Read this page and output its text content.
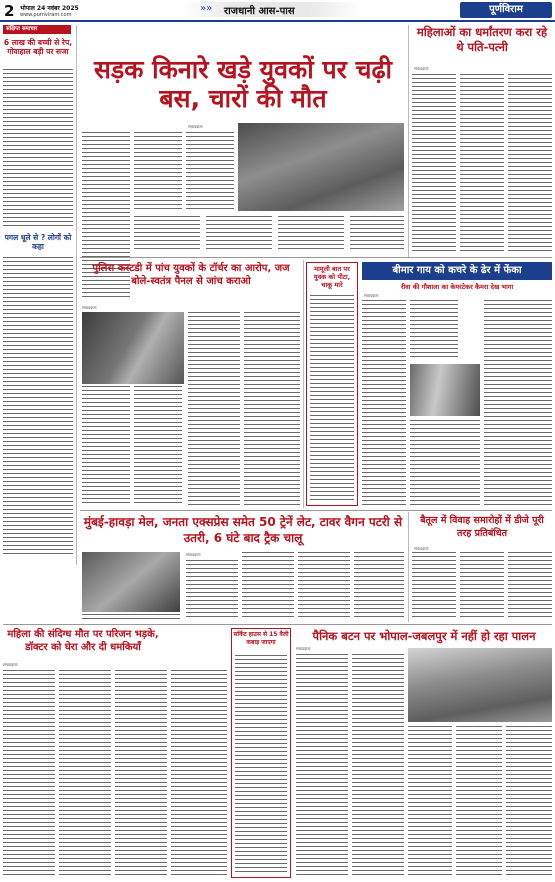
2 भोपाल 24 नवंबर 2025
www.purnviram.com
»» राजधानी आस-पास	पूर्णविराम
संक्षिप्त समाचार
6 लाख की बच्ची से रेप, गोवाहाल बड़ी पर सजा
पगल धूले से ? लोगों को कहा
सड़क किनारे खड़े युवकों पर चढ़ी बस, चारों की मौत
संवाददाता
महिलाओं का धर्मांतरण करा रहे थे पति-पत्नी
संवाददाता
पुलिस कस्टडी में पांच युवकों के टॉर्चर का आरोप, जज बोले-स्वतंत्र पैनल से जांच कराओ
संवाददाता
मामूली बात पर युवक को पीटा, चाकू मारे
बीमार गाय को कचरे के ढेर में फेंका
रीवा की गौशाला का केयरटेकर कैमरा देख भागा
संवाददाता
मुंबई-हावड़ा मेल, जनता एक्सप्रेस समेत 50 ट्रेनें लेट, टावर वैगन पटरी से उतरी, 6 घंटे बाद ट्रैक चालू
संवाददाता
बैतूल में विवाह समारोहों में डीजे पूरी तरह प्रतिबंधित
संवाददाता
महिला की संदिग्ध मौत पर परिजन भड़के, डॉक्टर को घेरा और दी धमकियाँ
संवाददाता
सर्किट हाउस से 15 वैली कबाड़ जाएगा	पैनिक बटन पर भोपाल-जबलपुर में नहीं हो रहा पालन
संवाददाता
